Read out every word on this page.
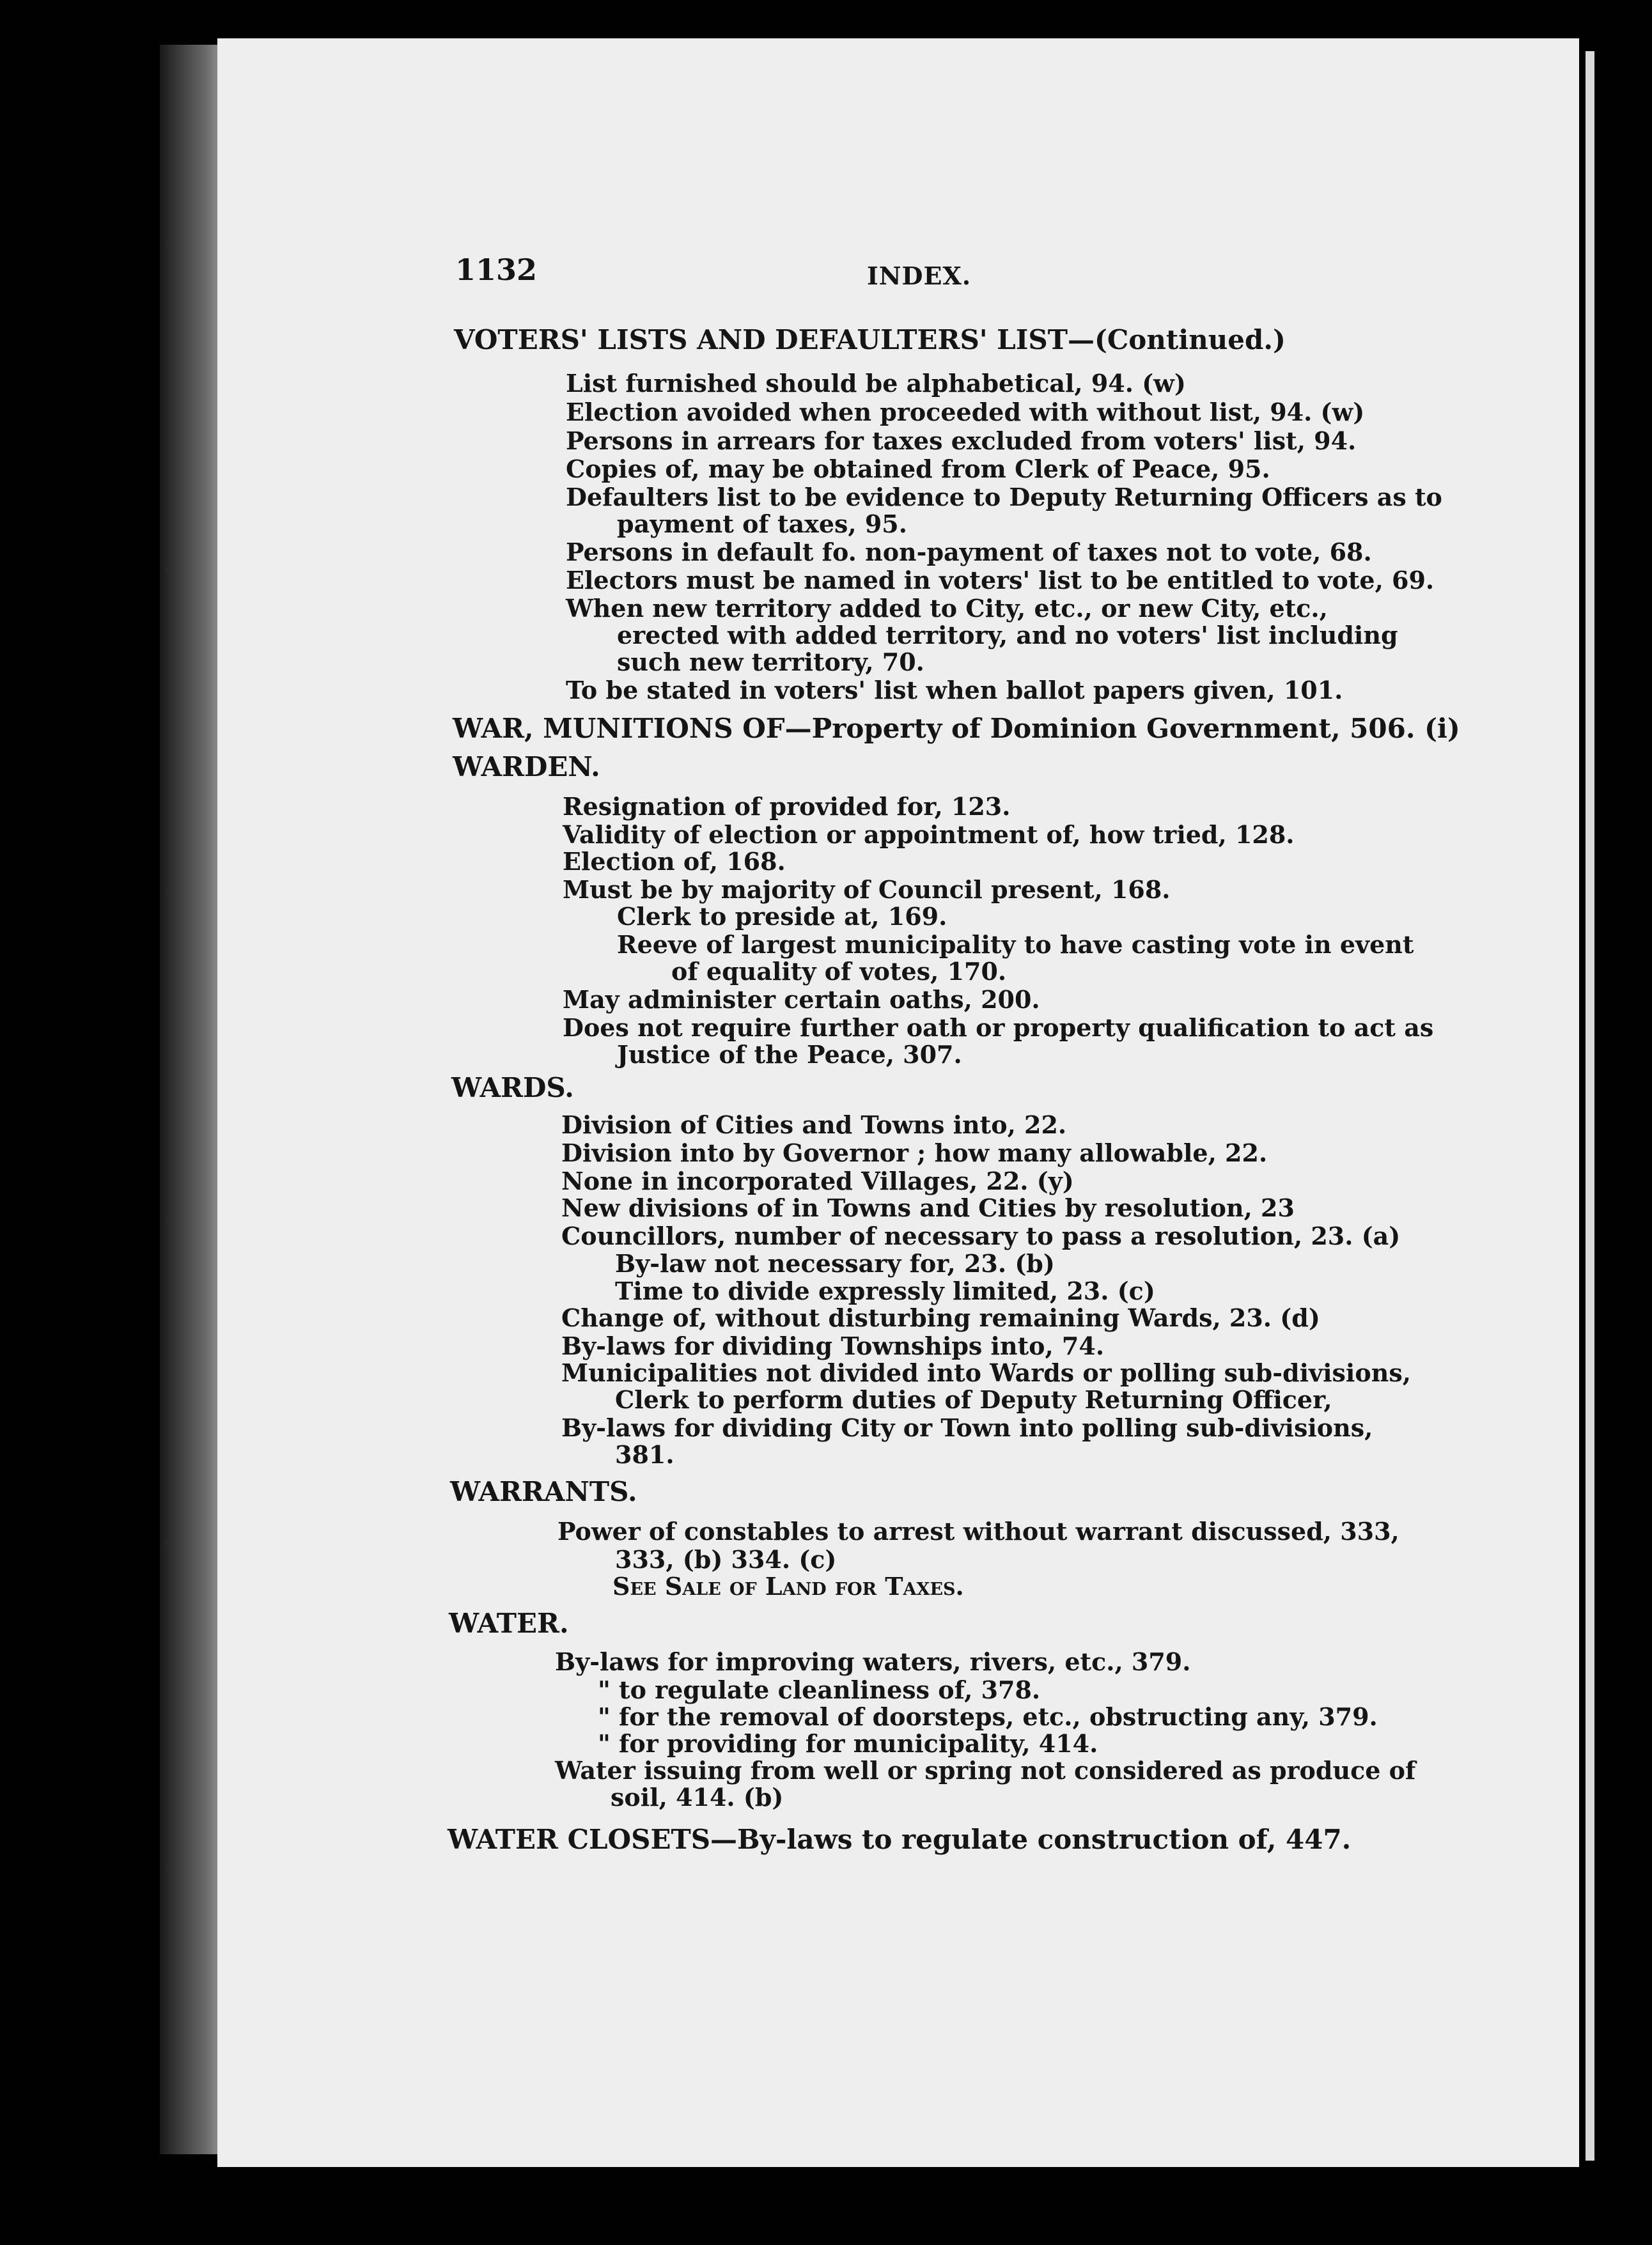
1132	INDEX.
VOTERS' LISTS AND DEFAULTERS' LIST—(Continued.)
List furnished should be alphabetical, 94. (w)
Election avoided when proceeded with without list, 94. (w)
Persons in arrears for taxes excluded from voters' list, 94.
Copies of, may be obtained from Clerk of Peace, 95.
Defaulters list to be evidence to Deputy Returning Officers as to
payment of taxes, 95.
Persons in default fo. non-payment of taxes not to vote, 68.
Electors must be named in voters' list to be entitled to vote, 69.
When new territory added to City, etc., or new City, etc.,
erected with added territory, and no voters' list including
such new territory, 70.
To be stated in voters' list when ballot papers given, 101.
WAR, MUNITIONS OF—Property of Dominion Government, 506. (i)
WARDEN.
Resignation of provided for, 123.
Validity of election or appointment of, how tried, 128.
Election of, 168.
Must be by majority of Council present, 168.
Clerk to preside at, 169.
Reeve of largest municipality to have casting vote in event
of equality of votes, 170.
May administer certain oaths, 200.
Does not require further oath or property qualification to act as
Justice of the Peace, 307.
WARDS.
Division of Cities and Towns into, 22.
Division into by Governor ; how many allowable, 22.
None in incorporated Villages, 22. (y)
New divisions of in Towns and Cities by resolution, 23
Councillors, number of necessary to pass a resolution, 23. (a)
By-law not necessary for, 23. (b)
Time to divide expressly limited, 23. (c)
Change of, without disturbing remaining Wards, 23. (d)
By-laws for dividing Townships into, 74.
Municipalities not divided into Wards or polling sub-divisions,
Clerk to perform duties of Deputy Returning Officer,
By-laws for dividing City or Town into polling sub-divisions,
381.
WARRANTS.
Power of constables to arrest without warrant discussed, 333,
333, (b) 334. (c)
See Sale of Land for Taxes.
WATER.
By-laws for improving waters, rivers, etc., 379.
" to regulate cleanliness of, 378.
" for the removal of doorsteps, etc., obstructing any, 379.
" for providing for municipality, 414.
Water issuing from well or spring not considered as produce of
soil, 414. (b)
WATER CLOSETS—By-laws to regulate construction of, 447.
